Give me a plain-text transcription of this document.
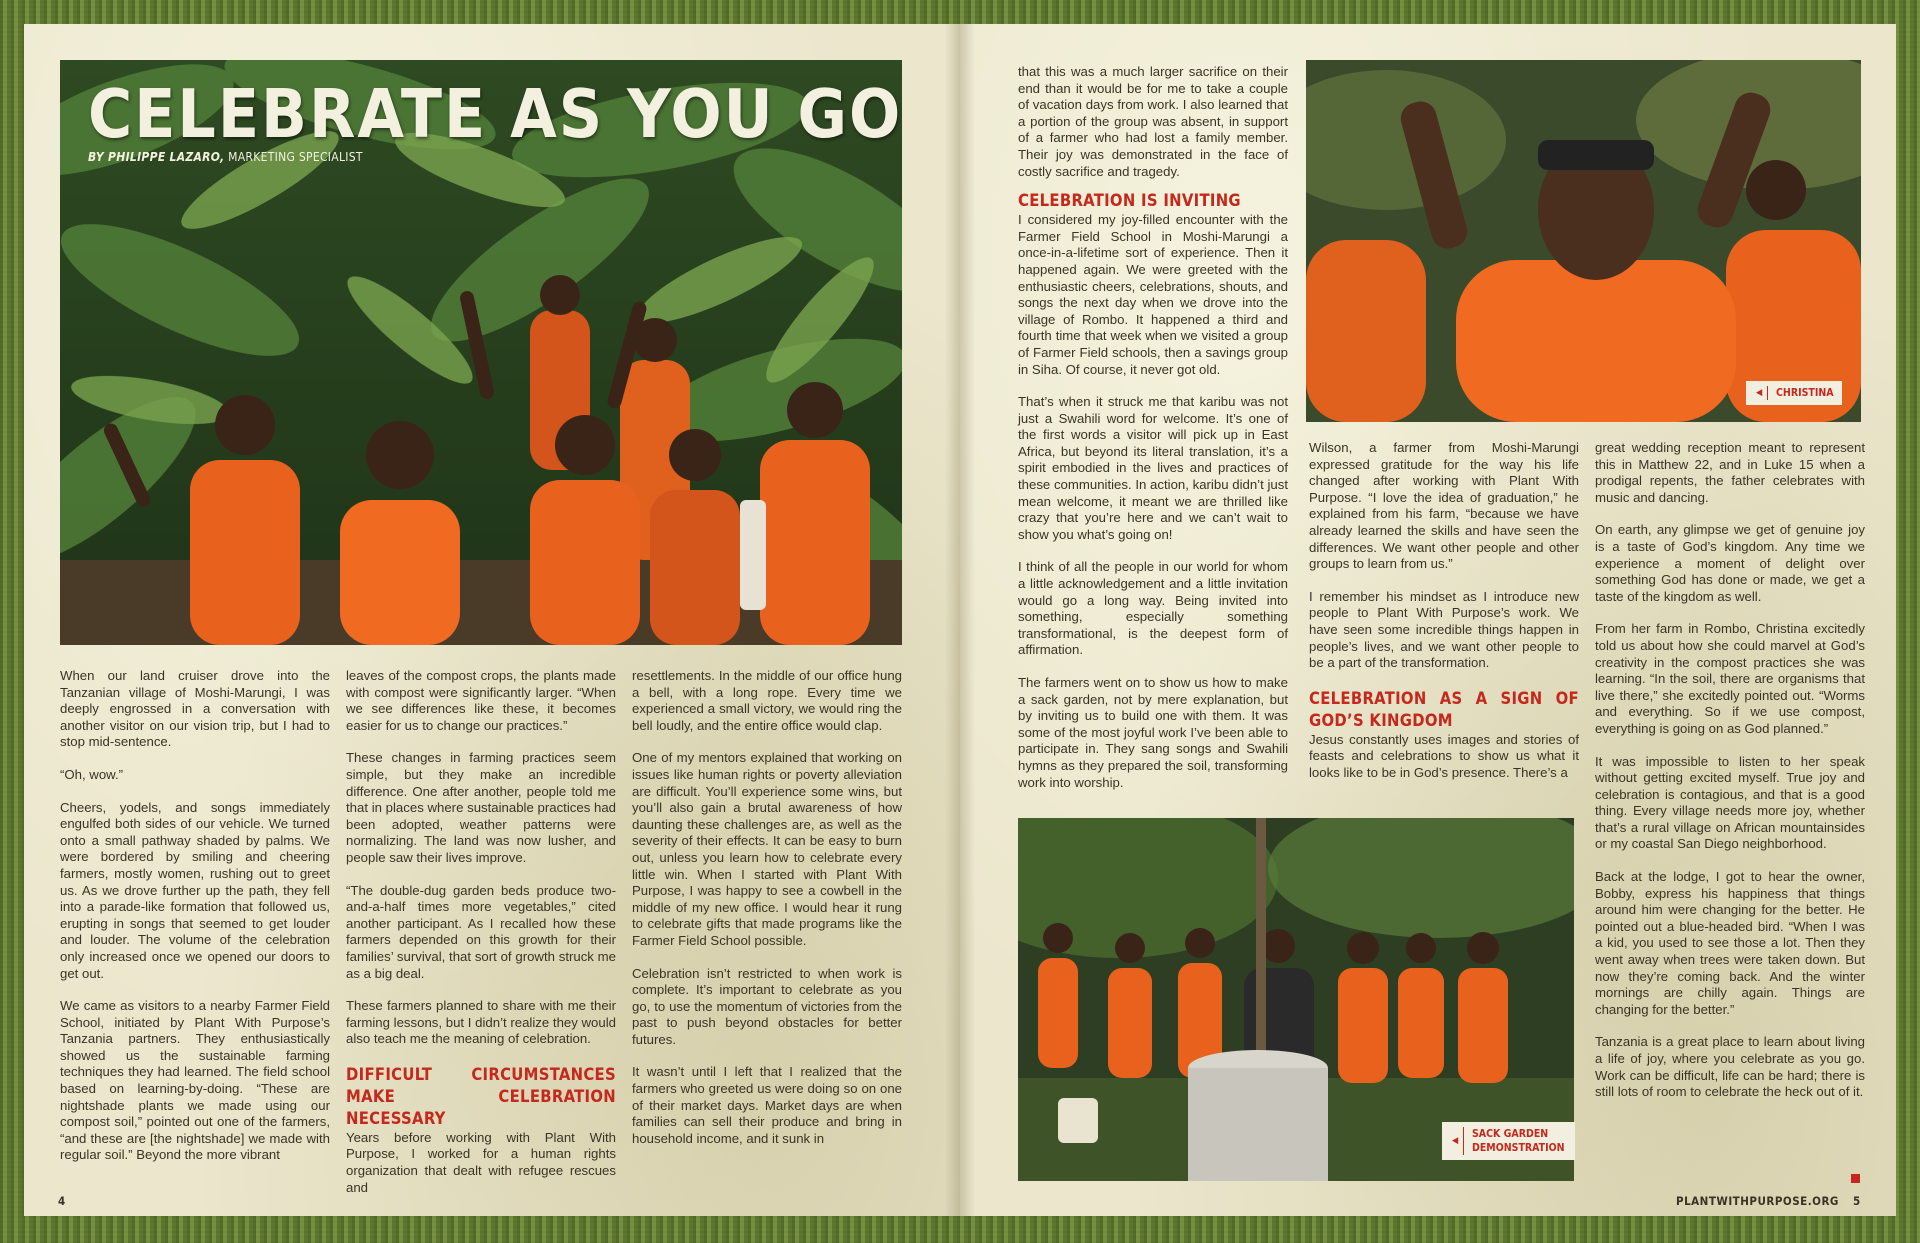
CELEBRATE AS YOU GO
BY PHILIPPE LAZARO, MARKETING SPECIALIST

When our land cruiser drove into the Tanzanian village of Moshi-Marungi, I was deeply engrossed in a conversation with another visitor on our vision trip, but I had to stop mid-sentence.

“Oh, wow.”

Cheers, yodels, and songs immediately engulfed both sides of our vehicle. We turned onto a small pathway shaded by palms. We were bordered by smiling and cheering farmers, mostly women, rushing out to greet us. As we drove further up the path, they fell into a parade-like formation that followed us, erupting in songs that seemed to get louder and louder. The volume of the celebration only increased once we opened our doors to get out.

We came as visitors to a nearby Farmer Field School, initiated by Plant With Purpose’s Tanzania partners. They enthusiastically showed us the sustainable farming techniques they had learned. The field school based on learning-by-doing. “These are nightshade plants we made using our compost soil,” pointed out one of the farmers, “and these are [the nightshade] we made with regular soil.” Beyond the more vibrant

leaves of the compost crops, the plants made with compost were significantly larger. “When we see differences like these, it becomes easier for us to change our practices.”

These changes in farming practices seem simple, but they make an incredible difference. One after another, people told me that in places where sustainable practices had been adopted, weather patterns were normalizing. The land was now lusher, and people saw their lives improve.

“The double-dug garden beds produce two-and-a-half times more vegetables,” cited another participant. As I recalled how these farmers depended on this growth for their families’ survival, that sort of growth struck me as a big deal.

These farmers planned to share with me their farming lessons, but I didn’t realize they would also teach me the meaning of celebration.

DIFFICULT CIRCUMSTANCES MAKE CELEBRATION NECESSARY

Years before working with Plant With Purpose, I worked for a human rights organization that dealt with refugee rescues and

resettlements. In the middle of our office hung a bell, with a long rope. Every time we experienced a small victory, we would ring the bell loudly, and the entire office would clap.

One of my mentors explained that working on issues like human rights or poverty alleviation are difficult. You’ll experience some wins, but you’ll also gain a brutal awareness of how daunting these challenges are, as well as the severity of their effects. It can be easy to burn out, unless you learn how to celebrate every little win. When I started with Plant With Purpose, I was happy to see a cowbell in the middle of my new office. I would hear it rung to celebrate gifts that made programs like the Farmer Field School possible.

Celebration isn’t restricted to when work is complete. It’s important to celebrate as you go, to use the momentum of victories from the past to push beyond obstacles for better futures.

It wasn’t until I left that I realized that the farmers who greeted us were doing so on one of their market days. Market days are when families can sell their produce and bring in household income, and it sunk in

4

that this was a much larger sacrifice on their end than it would be for me to take a couple of vacation days from work. I also learned that a portion of the group was absent, in support of a farmer who had lost a family member. Their joy was demonstrated in the face of costly sacrifice and tragedy.

CELEBRATION IS INVITING

I considered my joy-filled encounter with the Farmer Field School in Moshi-Marungi a once-in-a-lifetime sort of experience. Then it happened again. We were greeted with the enthusiastic cheers, celebrations, shouts, and songs the next day when we drove into the village of Rombo. It happened a third and fourth time that week when we visited a group of Farmer Field schools, then a savings group in Siha. Of course, it never got old.

That’s when it struck me that karibu was not just a Swahili word for welcome. It’s one of the first words a visitor will pick up in East Africa, but beyond its literal translation, it’s a spirit embodied in the lives and practices of these communities. In action, karibu didn’t just mean welcome, it meant we are thrilled like crazy that you’re here and we can’t wait to show you what’s going on!

I think of all the people in our world for whom a little acknowledgement and a little invitation would go a long way. Being invited into something, especially something transformational, is the deepest form of affirmation.

The farmers went on to show us how to make a sack garden, not by mere explanation, but by inviting us to build one with them. It was some of the most joyful work I’ve been able to participate in. They sang songs and Swahili hymns as they prepared the soil, transforming work into worship.

◀ CHRISTINA

Wilson, a farmer from Moshi-Marungi expressed gratitude for the way his life changed after working with Plant With Purpose. “I love the idea of graduation,” he explained from his farm, “because we have already learned the skills and have seen the differences. We want other people and other groups to learn from us.”

I remember his mindset as I introduce new people to Plant With Purpose’s work. We have seen some incredible things happen in people’s lives, and we want other people to be a part of the transformation.

CELEBRATION AS A SIGN OF GOD’S KINGDOM

Jesus constantly uses images and stories of feasts and celebrations to show us what it looks like to be in God’s presence. There’s a

great wedding reception meant to represent this in Matthew 22, and in Luke 15 when a prodigal repents, the father celebrates with music and dancing.

On earth, any glimpse we get of genuine joy is a taste of God’s kingdom. Any time we experience a moment of delight over something God has done or made, we get a taste of the kingdom as well.

From her farm in Rombo, Christina excitedly told us about how she could marvel at God’s creativity in the compost practices she was learning. “In the soil, there are organisms that live there,” she excitedly pointed out. “Worms and everything. So if we use compost, everything is going on as God planned.”

It was impossible to listen to her speak without getting excited myself. True joy and celebration is contagious, and that is a good thing. Every village needs more joy, whether that’s a rural village on African mountainsides or my coastal San Diego neighborhood.

Back at the lodge, I got to hear the owner, Bobby, express his happiness that things around him were changing for the better. He pointed out a blue-headed bird. “When I was a kid, you used to see those a lot. Then they went away when trees were taken down. But now they’re coming back. And the winter mornings are chilly again. Things are changing for the better.”

Tanzania is a great place to learn about living a life of joy, where you celebrate as you go. Work can be difficult, life can be hard; there is still lots of room to celebrate the heck out of it.

◀
SACK GARDEN
DEMONSTRATION
PLANTWITHPURPOSE.ORG 5
